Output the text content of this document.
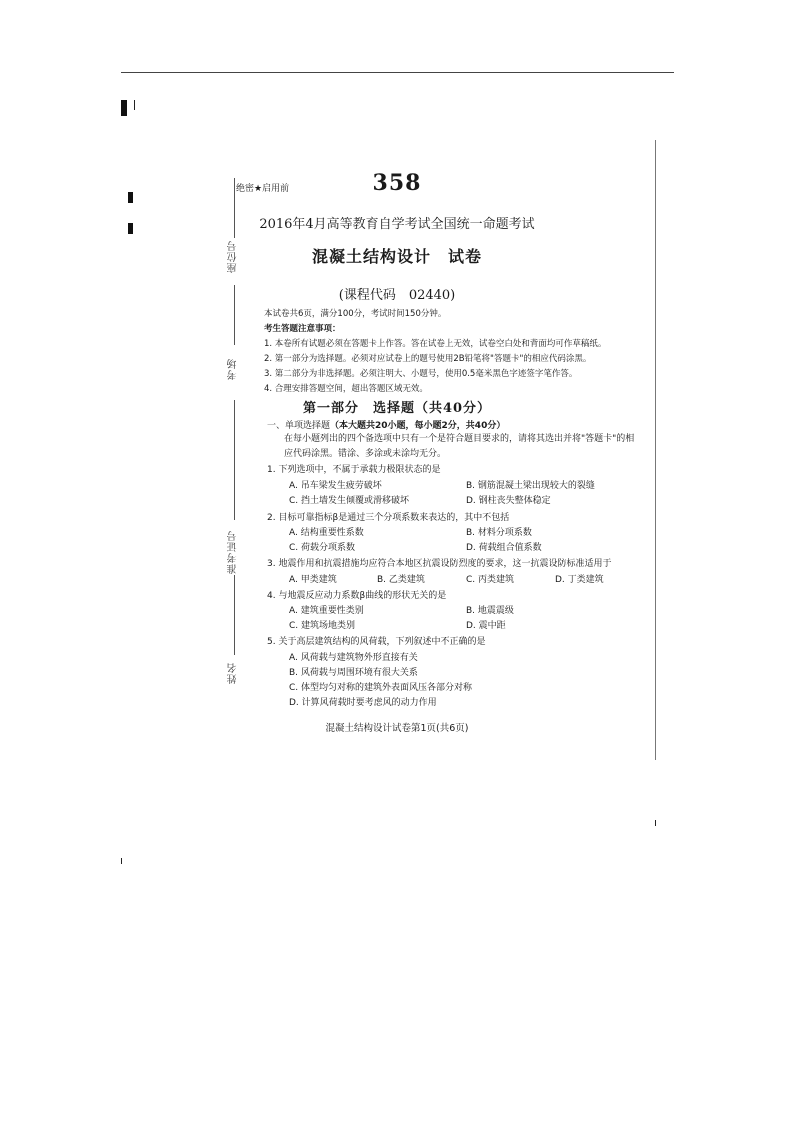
座位号
考场
准考证号
姓名
绝密★启用前	358
2016年4月高等教育自学考试全国统一命题考试
混凝土结构设计　试卷
(课程代码　02440)
本试卷共6页，满分100分，考试时间150分钟。
考生答题注意事项：
1. 本卷所有试题必须在答题卡上作答。答在试卷上无效，试卷空白处和背面均可作草稿纸。
2. 第一部分为选择题。必须对应试卷上的题号使用2B铅笔将"答题卡"的相应代码涂黑。
3. 第二部分为非选择题。必须注明大、小题号，使用0.5毫米黑色字迹签字笔作答。
4. 合理安排答题空间，超出答题区域无效。
第一部分　选择题（共40分）
一、单项选择题（本大题共20小题，每小题2分，共40分）
在每小题列出的四个备选项中只有一个是符合题目要求的，请将其选出并将"答题卡"的相应代码涂黑。错涂、多涂或未涂均无分。
1. 下列选项中，不属于承载力极限状态的是
A. 吊车梁发生疲劳破坏	B. 钢筋混凝土梁出现较大的裂缝
C. 挡土墙发生倾覆或滑移破坏	D. 钢柱丧失整体稳定
2. 目标可靠指标β是通过三个分项系数来表达的，其中不包括
A. 结构重要性系数	B. 材料分项系数
C. 荷载分项系数	D. 荷载组合值系数
3. 地震作用和抗震措施均应符合本地区抗震设防烈度的要求，这一抗震设防标准适用于
A. 甲类建筑	B. 乙类建筑	C. 丙类建筑	D. 丁类建筑
4. 与地震反应动力系数β曲线的形状无关的是
A. 建筑重要性类别	B. 地震震级
C. 建筑场地类别	D. 震中距
5. 关于高层建筑结构的风荷载，下列叙述中不正确的是
A. 风荷载与建筑物外形直接有关
B. 风荷载与周围环境有很大关系
C. 体型均匀对称的建筑外表面风压各部分对称
D. 计算风荷载时要考虑风的动力作用
混凝土结构设计试卷第1页(共6页)
